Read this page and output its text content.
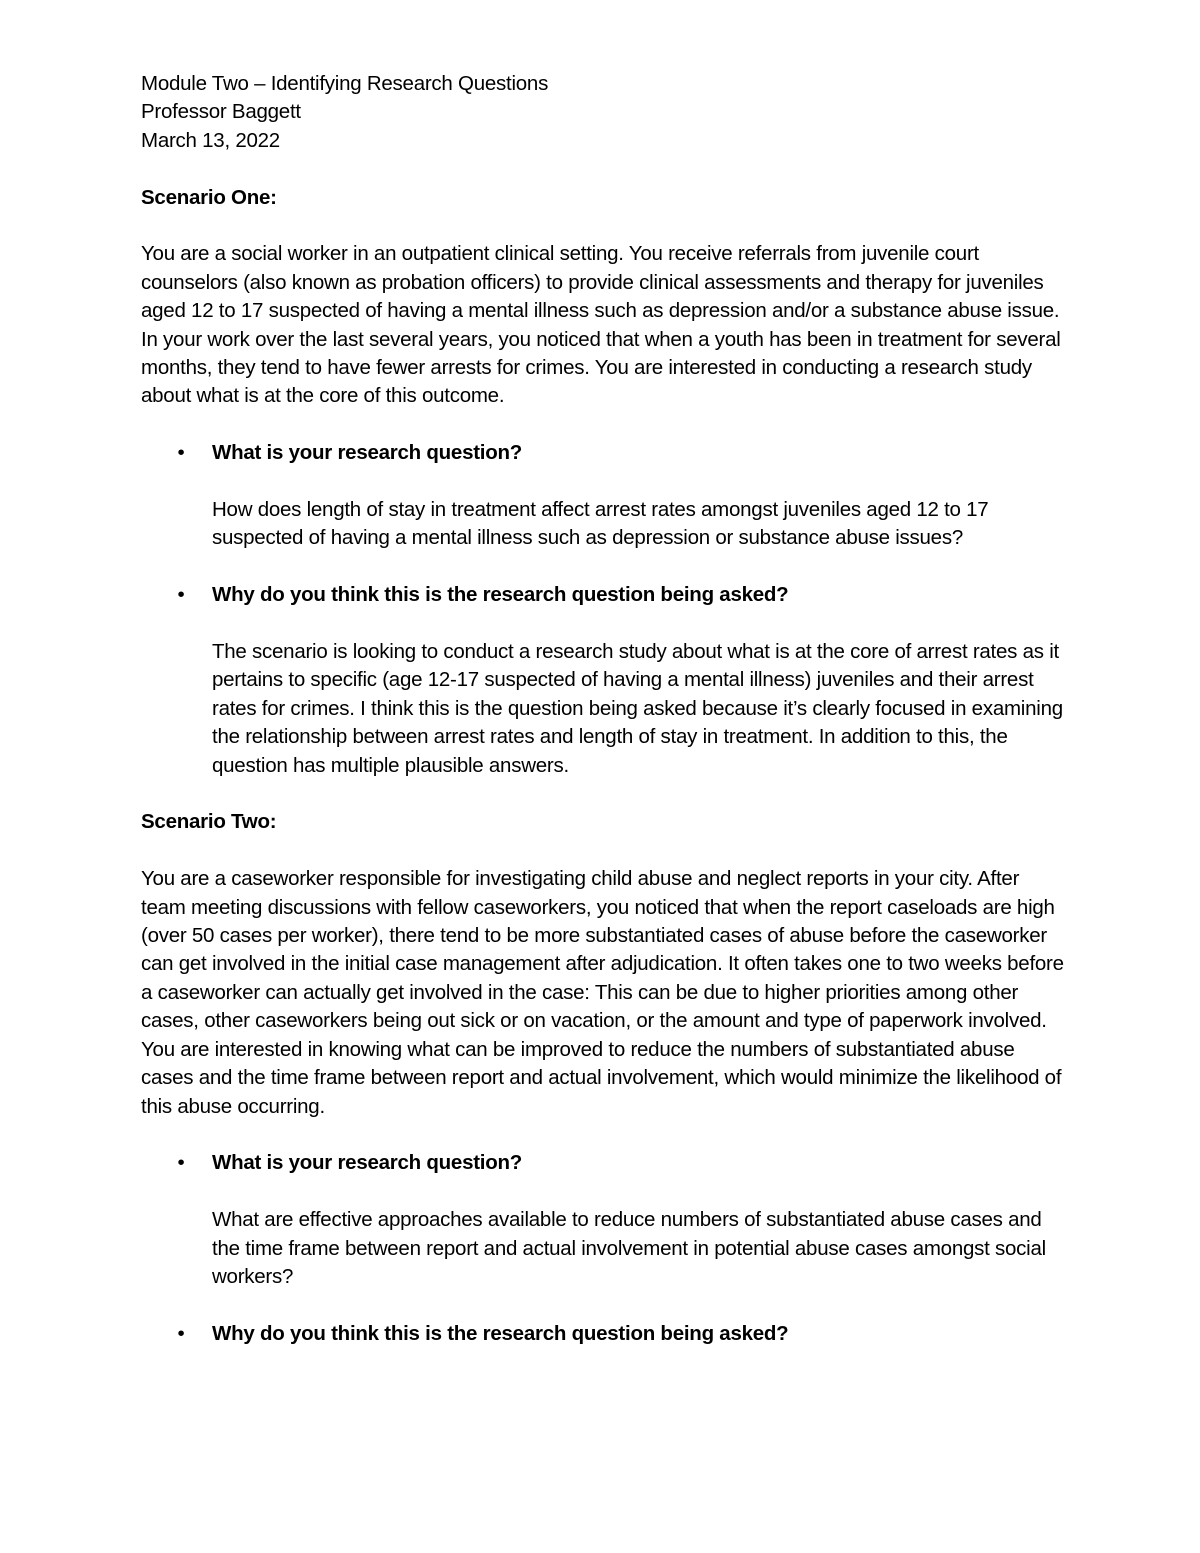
Module Two – Identifying Research Questions

Professor Baggett

March 13, 2022

Scenario One:

You are a social worker in an outpatient clinical setting. You receive referrals from juvenile court counselors (also known as probation officers) to provide clinical assessments and therapy for juveniles aged 12 to 17 suspected of having a mental illness such as depression and/or a substance abuse issue. In your work over the last several years, you noticed that when a youth has been in treatment for several months, they tend to have fewer arrests for crimes. You are interested in conducting a research study about what is at the core of this outcome.

• What is your research question?

How does length of stay in treatment affect arrest rates amongst juveniles aged 12 to 17 suspected of having a mental illness such as depression or substance abuse issues?

• Why do you think this is the research question being asked?

The scenario is looking to conduct a research study about what is at the core of arrest rates as it pertains to specific (age 12-17 suspected of having a mental illness) juveniles and their arrest rates for crimes. I think this is the question being asked because it’s clearly focused in examining the relationship between arrest rates and length of stay in treatment. In addition to this, the question has multiple plausible answers.

Scenario Two:

You are a caseworker responsible for investigating child abuse and neglect reports in your city. After team meeting discussions with fellow caseworkers, you noticed that when the report caseloads are high (over 50 cases per worker), there tend to be more substantiated cases of abuse before the caseworker can get involved in the initial case management after adjudication. It often takes one to two weeks before a caseworker can actually get involved in the case: This can be due to higher priorities among other cases, other caseworkers being out sick or on vacation, or the amount and type of paperwork involved. You are interested in knowing what can be improved to reduce the numbers of substantiated abuse cases and the time frame between report and actual involvement, which would minimize the likelihood of this abuse occurring.

• What is your research question?

What are effective approaches available to reduce numbers of substantiated abuse cases and the time frame between report and actual involvement in potential abuse cases amongst social workers?

• Why do you think this is the research question being asked?
